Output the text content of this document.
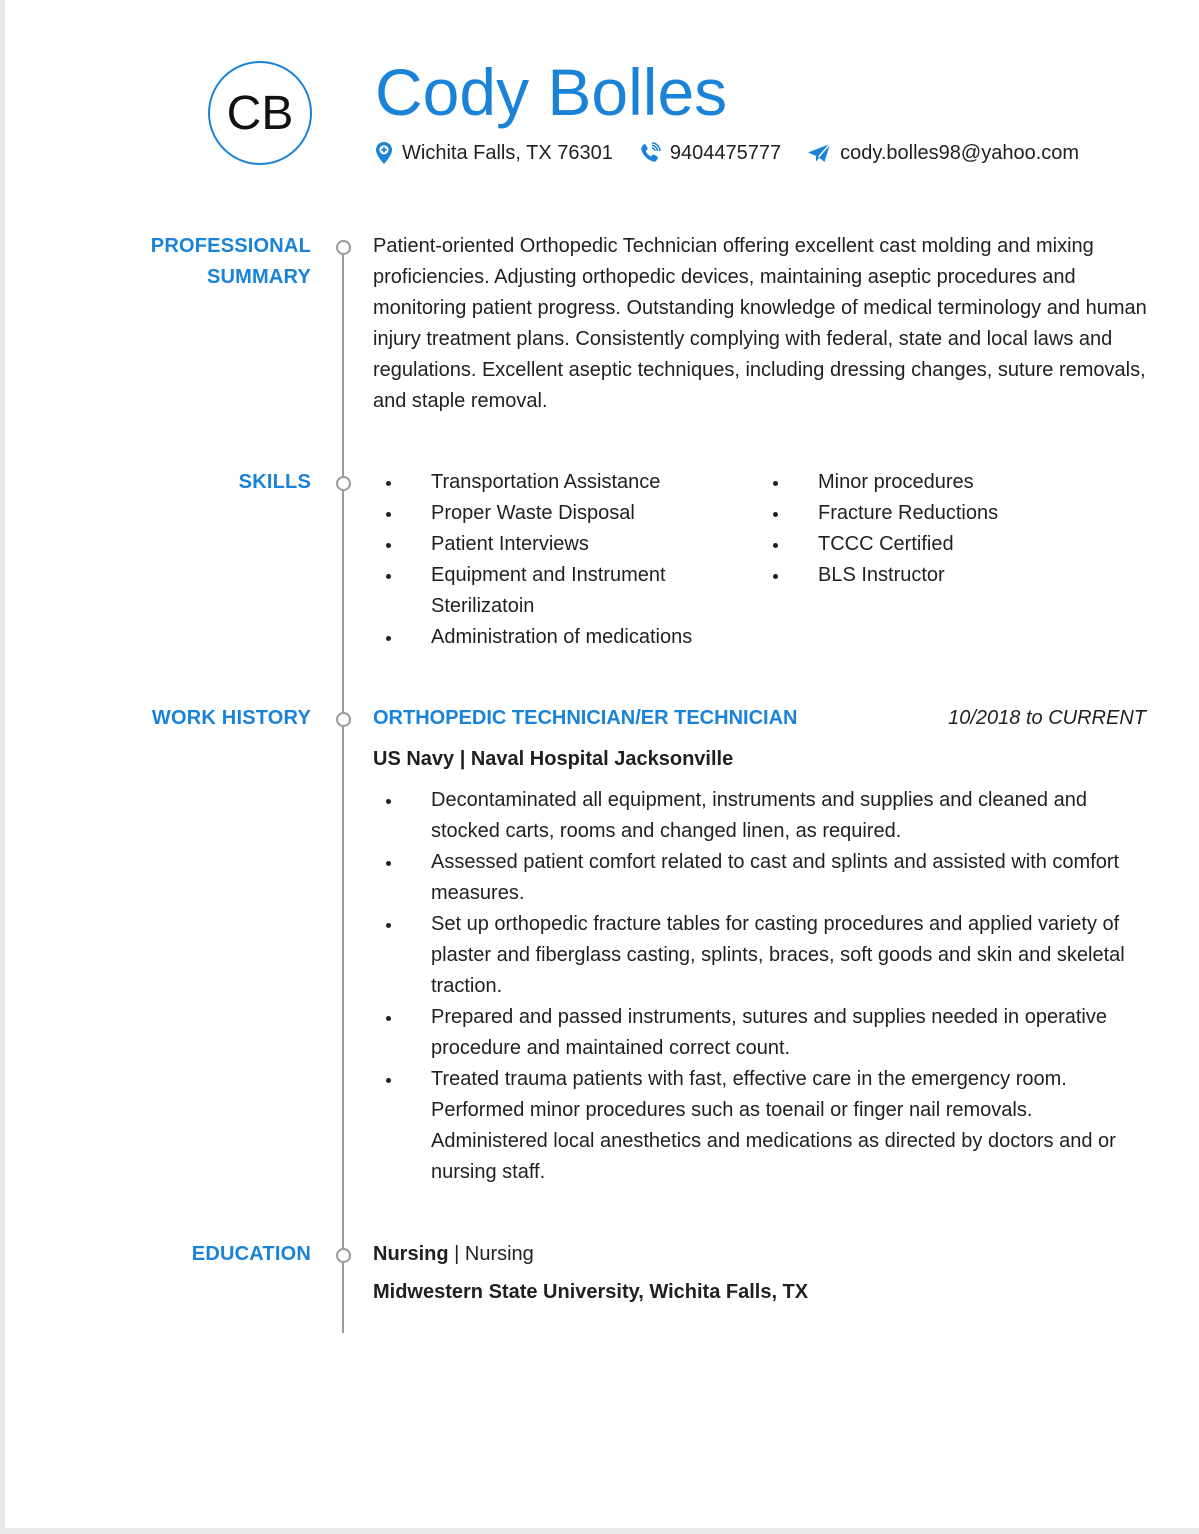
CB Cody Bolles
Wichita Falls, TX 76301	9404475777	cody.bolles98@yahoo.com
PROFESSIONAL
SUMMARY
Patient-oriented Orthopedic Technician offering excellent cast molding and mixing proficiencies. Adjusting orthopedic devices, maintaining aseptic procedures and monitoring patient progress. Outstanding knowledge of medical terminology and human injury treatment plans. Consistently complying with federal, state and local laws and regulations. Excellent aseptic techniques, including dressing changes, suture removals, and staple removal.
SKILLS	Transportation Assistance
Proper Waste Disposal
Patient Interviews
Equipment and Instrument Sterilizatoin
Administration of medications
Minor procedures
Fracture Reductions
TCCC Certified
BLS Instructor
WORK HISTORY	ORTHOPEDIC TECHNICIAN/ER TECHNICIAN	10/2018 to CURRENT
US Navy | Naval Hospital Jacksonville
Decontaminated all equipment, instruments and supplies and cleaned and stocked carts, rooms and changed linen, as required.
Assessed patient comfort related to cast and splints and assisted with comfort measures.
Set up orthopedic fracture tables for casting procedures and applied variety of plaster and fiberglass casting, splints, braces, soft goods and skin and skeletal traction.
Prepared and passed instruments, sutures and supplies needed in operative procedure and maintained correct count.
Treated trauma patients with fast, effective care in the emergency room. Performed minor procedures such as toenail or finger nail removals. Administered local anesthetics and medications as directed by doctors and or nursing staff.
EDUCATION	Nursing | Nursing
Midwestern State University, Wichita Falls, TX
